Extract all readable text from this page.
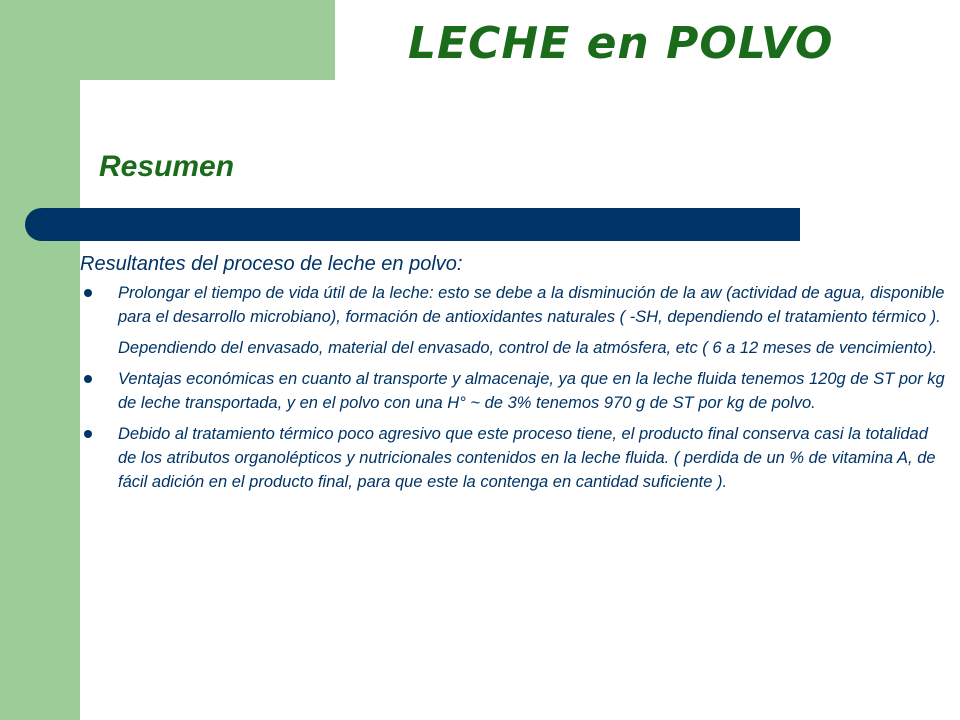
LECHE en POLVO
Resumen

Resultantes del proceso de leche en polvo:

Prolongar el tiempo de vida útil de la leche: esto se debe a la disminución de la aw (actividad de agua, disponible para el desarrollo microbiano), formación de antioxidantes naturales ( -SH, dependiendo el tratamiento térmico ).
Dependiendo del envasado, material del envasado, control de la atmósfera, etc ( 6 a 12 meses de vencimiento).
Ventajas económicas en cuanto al transporte y almacenaje, ya que en la leche fluida tenemos 120g de ST por kg de leche transportada, y en el polvo con una H° ~ de 3% tenemos 970 g de ST por kg de polvo.
Debido al tratamiento térmico poco agresivo que este proceso tiene, el producto final conserva casi la totalidad de los atributos organolépticos y nutricionales contenidos en la leche fluida. ( perdida de un % de vitamina A, de fácil adición en el producto final, para que este la contenga en cantidad suficiente ).
